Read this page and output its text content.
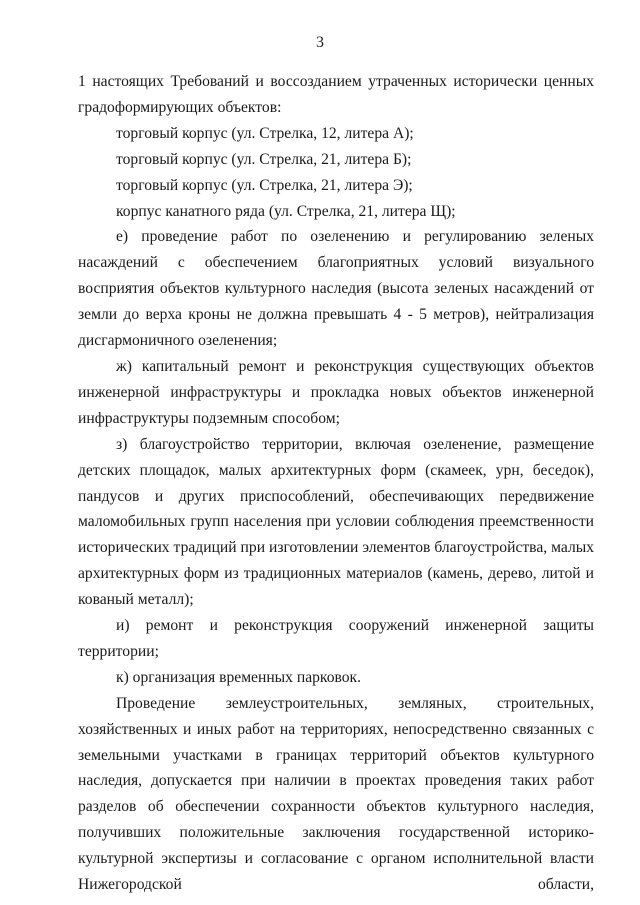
3

1 настоящих Требований и воссозданием утраченных исторически ценных градоформирующих объектов:

торговый корпус (ул. Стрелка, 12, литера А);

торговый корпус (ул. Стрелка, 21, литера Б);

торговый корпус (ул. Стрелка, 21, литера Э);

корпус канатного ряда (ул. Стрелка, 21, литера Щ);

е) проведение работ по озеленению и регулированию зеленых насаждений с обеспечением благоприятных условий визуального восприятия объектов культурного наследия (высота зеленых насаждений от земли до верха кроны не должна превышать 4 - 5 метров), нейтрализация дисгармоничного озеленения;

ж) капитальный ремонт и реконструкция существующих объектов инженерной инфраструктуры и прокладка новых объектов инженерной инфраструктуры подземным способом;

з) благоустройство территории, включая озеленение, размещение детских площадок, малых архитектурных форм (скамеек, урн, беседок), пандусов и других приспособлений, обеспечивающих передвижение маломобильных групп населения при условии соблюдения преемственности исторических традиций при изготовлении элементов благоустройства, малых архитектурных форм из традиционных материалов (камень, дерево, литой и кованый металл);

и) ремонт и реконструкция сооружений инженерной защиты территории;

к) организация временных парковок.

Проведение землеустроительных, земляных, строительных, хозяйственных и иных работ на территориях, непосредственно связанных с земельными участками в границах территорий объектов культурного наследия, допускается при наличии в проектах проведения таких работ разделов об обеспечении сохранности объектов культурного наследия, получивших положительные заключения государственной историко-культурной экспертизы и согласование с органом исполнительной власти Нижегородской области,
